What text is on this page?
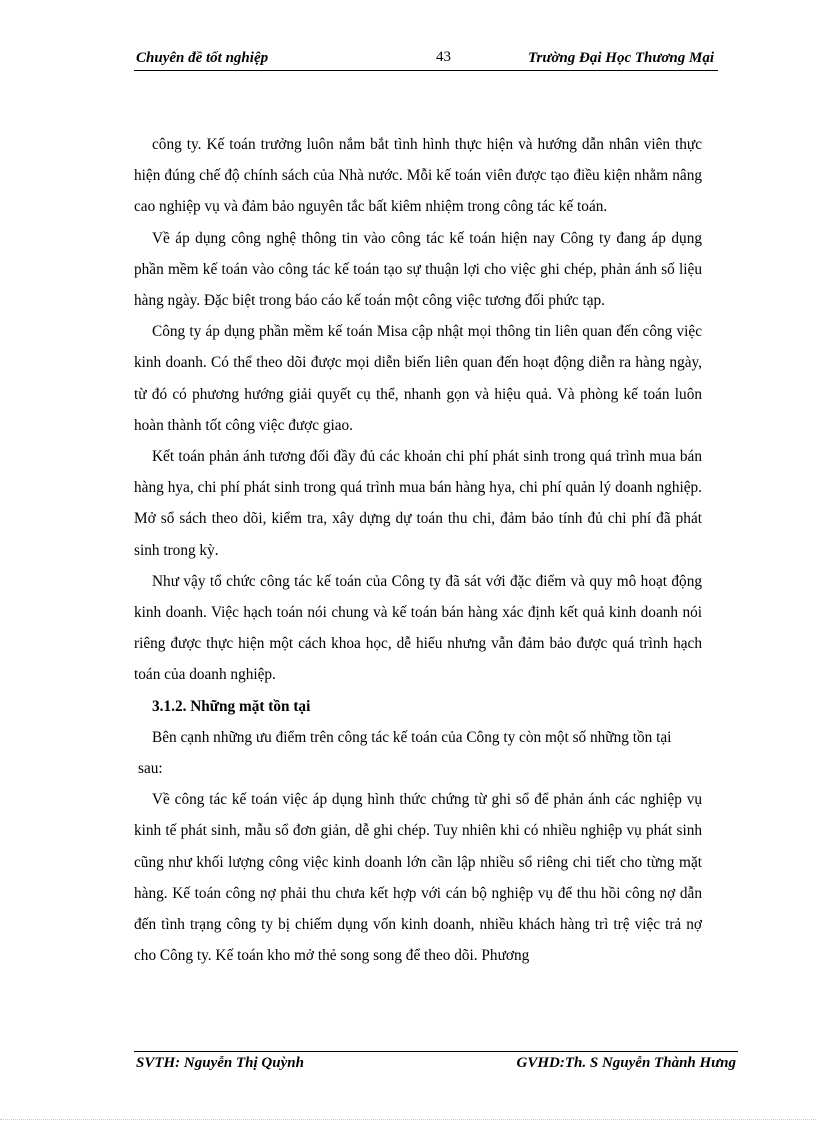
Chuyên đề tốt nghiệp	43	Trường Đại Học Thương Mại

công ty. Kế toán trưởng luôn nắm bắt tình hình thực hiện và hướng dẫn nhân viên thực hiện đúng chế độ chính sách của Nhà nước. Mỗi kế toán viên được tạo điều kiện nhằm nâng cao nghiệp vụ và đảm bảo nguyên tắc bất kiêm nhiệm trong công tác kế toán.

Về áp dụng công nghệ thông tin vào công tác kế toán hiện nay Công ty đang áp dụng phần mềm kế toán vào công tác kế toán tạo sự thuận lợi cho việc ghi chép, phản ánh số liệu hàng ngày. Đặc biệt trong báo cáo kế toán một công việc tương đối phức tạp.

Công ty áp dụng phần mềm kế toán Misa cập nhật mọi thông tin liên quan đến công việc kinh doanh. Có thể theo dõi được mọi diễn biến liên quan đến hoạt động diễn ra hàng ngày, từ đó có phương hướng giải quyết cụ thể, nhanh gọn và hiệu quả. Và phòng kế toán luôn hoàn thành tốt công việc được giao.

Kết toán phản ánh tương đối đầy đủ các khoản chi phí phát sinh trong quá trình mua bán hàng hya, chi phí phát sinh trong quá trình mua bán hàng hya, chi phí quản lý doanh nghiệp. Mở sổ sách theo dõi, kiểm tra, xây dựng dự toán thu chi, đảm bảo tính đủ chi phí đã phát sinh trong kỳ.

Như vậy tổ chức công tác kế toán của Công ty đã sát với đặc điểm và quy mô hoạt động kinh doanh. Việc hạch toán nói chung và kế toán bán hàng xác định kết quả kinh doanh nói riêng được thực hiện một cách khoa học, dễ hiểu nhưng vẫn đảm bảo được quá trình hạch toán của doanh nghiệp.

3.1.2. Những mặt tồn tại

Bên cạnh những ưu điểm trên công tác kế toán của Công ty còn một số những tồn tại

sau:

Về công tác kế toán việc áp dụng hình thức chứng từ ghi sổ để phản ánh các nghiệp vụ kinh tế phát sinh, mẫu sổ đơn giản, dễ ghi chép. Tuy nhiên khi có nhiều nghiệp vụ phát sinh cũng như khối lượng công việc kinh doanh lớn cần lập nhiều sổ riêng chi tiết cho từng mặt hàng. Kế toán công nợ phải thu chưa kết hợp với cán bộ nghiệp vụ để thu hồi công nợ dẫn đến tình trạng công ty bị chiếm dụng vốn kinh doanh, nhiều khách hàng trì trệ việc trả nợ cho Công ty. Kế toán kho mở thẻ song song để theo dõi. Phương

SVTH: Nguyễn Thị Quỳnh	GVHD:Th. S Nguyễn Thành Hưng
